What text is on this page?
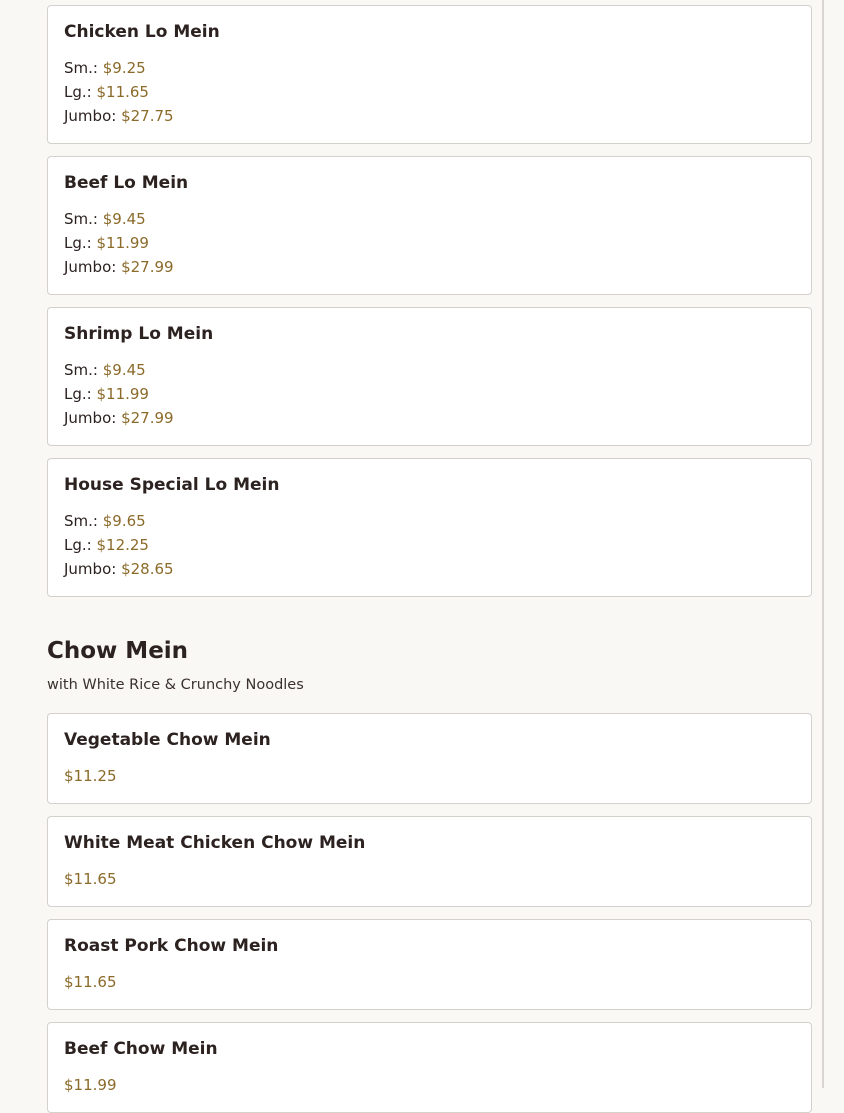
Chicken Lo Mein
Sm.: $9.25
Lg.: $11.65
Jumbo: $27.75
Beef Lo Mein
Sm.: $9.45
Lg.: $11.99
Jumbo: $27.99
Shrimp Lo Mein
Sm.: $9.45
Lg.: $11.99
Jumbo: $27.99
House Special Lo Mein
Sm.: $9.65
Lg.: $12.25
Jumbo: $28.65
Chow Mein
with White Rice & Crunchy Noodles
Vegetable Chow Mein
$11.25
White Meat Chicken Chow Mein
$11.65
Roast Pork Chow Mein
$11.65
Beef Chow Mein
$11.99
